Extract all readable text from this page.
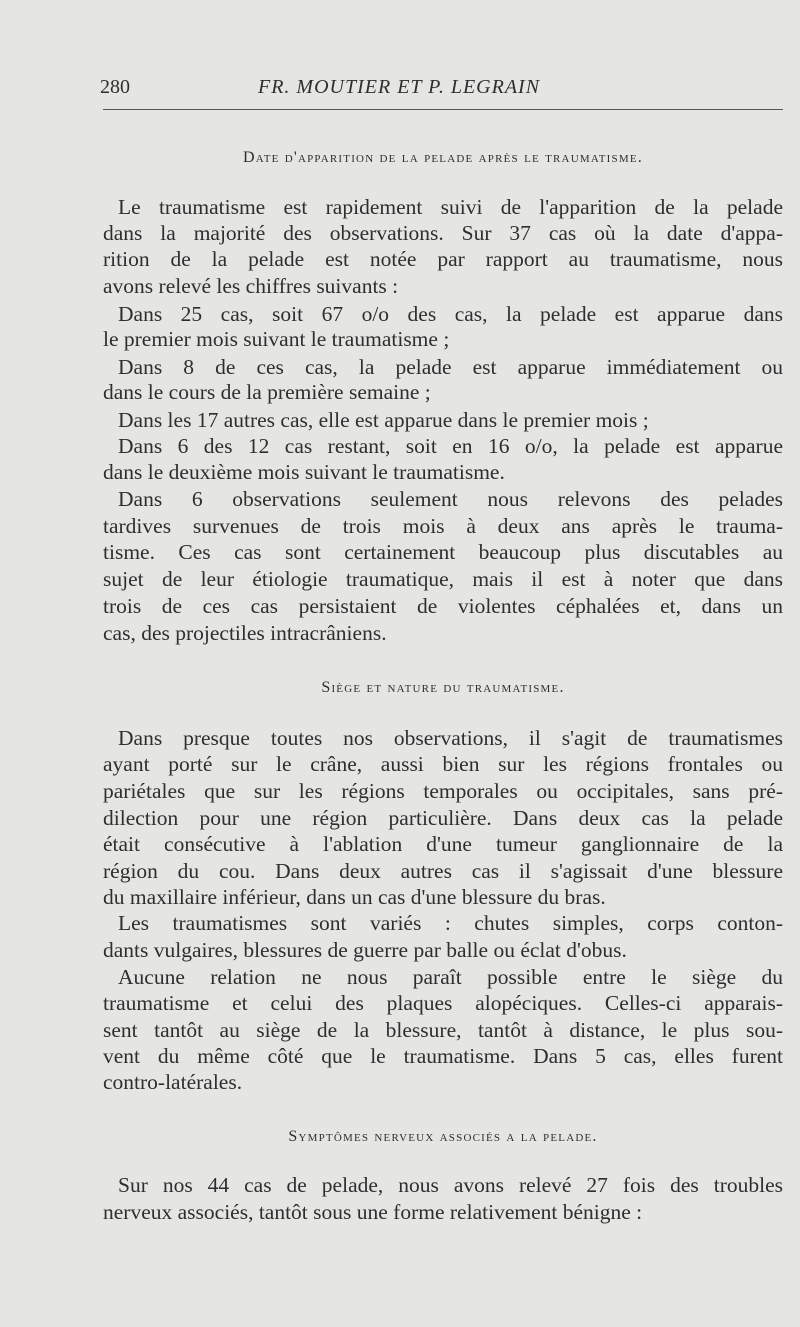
280	FR. MOUTIER ET P. LEGRAIN
Date d'apparition de la pelade après le traumatisme.
Le traumatisme est rapidement suivi de l'apparition de la pelade
dans la majorité des observations. Sur 37 cas où la date d'appa-
rition de la pelade est notée par rapport au traumatisme, nous
avons relevé les chiffres suivants :
Dans 25 cas, soit 67 o/o des cas, la pelade est apparue dans
le premier mois suivant le traumatisme ;
Dans 8 de ces cas, la pelade est apparue immédiatement ou
dans le cours de la première semaine ;
Dans les 17 autres cas, elle est apparue dans le premier mois ;
Dans 6 des 12 cas restant, soit en 16 o/o, la pelade est apparue
dans le deuxième mois suivant le traumatisme.
Dans 6 observations seulement nous relevons des pelades
tardives survenues de trois mois à deux ans après le trauma-
tisme. Ces cas sont certainement beaucoup plus discutables au
sujet de leur étiologie traumatique, mais il est à noter que dans
trois de ces cas persistaient de violentes céphalées et, dans un
cas, des projectiles intracrâniens.
Siège et nature du traumatisme.
Dans presque toutes nos observations, il s'agit de traumatismes
ayant porté sur le crâne, aussi bien sur les régions frontales ou
pariétales que sur les régions temporales ou occipitales, sans pré-
dilection pour une région particulière. Dans deux cas la pelade
était consécutive à l'ablation d'une tumeur ganglionnaire de la
région du cou. Dans deux autres cas il s'agissait d'une blessure
du maxillaire inférieur, dans un cas d'une blessure du bras.
Les traumatismes sont variés : chutes simples, corps conton-
dants vulgaires, blessures de guerre par balle ou éclat d'obus.
Aucune relation ne nous paraît possible entre le siège du
traumatisme et celui des plaques alopéciques. Celles-ci apparais-
sent tantôt au siège de la blessure, tantôt à distance, le plus sou-
vent du même côté que le traumatisme. Dans 5 cas, elles furent
contro-latérales.
Symptômes nerveux associés a la pelade.
Sur nos 44 cas de pelade, nous avons relevé 27 fois des troubles
nerveux associés, tantôt sous une forme relativement bénigne :
